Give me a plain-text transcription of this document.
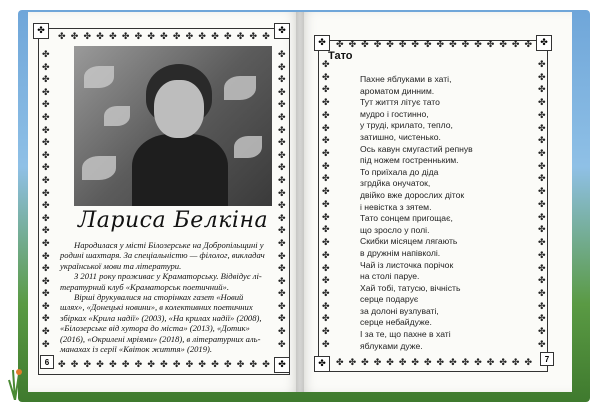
✤ ✤ ✤ ✤ ✤ ✤ ✤ ✤ ✤ ✤ ✤ ✤ ✤ ✤ ✤ ✤ ✤
✤ ✤ ✤ ✤ ✤ ✤ ✤ ✤ ✤ ✤ ✤ ✤ ✤ ✤ ✤ ✤ ✤
✤
✤
✤
✤
✤
✤
✤
✤
✤
✤
✤
✤
✤
✤
✤
✤
✤
✤
✤
✤
✤
✤
✤
✤
✤
✤
✤
✤
✤
✤
✤
✤
✤
✤
✤
✤
✤
✤
✤
✤
✤
✤
✤
✤
✤
✤
✤
✤
✤	✤
✤
Лариса Белкіна

Народилася у місті Білозерське на Добропільщині у

родині шахтаря. За спеціальністю — філолог, викладач
української мови та літератури.

З 2011 року проживає у Краматорську. Відвідує лі-

тературний клуб «Краматорськ поетичний».

Вірші друкувалися на сторінках газет «Новий

шлях», «Донецькі новини», в колективних поетичних
збірках «Крила надії» (2003), «На крилах надії» (2008),
«Білозерське від хутора до міста» (2013), «Дотик»
(2016), «Окрилені мріями» (2018), в літературних аль-
манахах із серії «Квіток життя» (2019).
6
✤ ✤ ✤ ✤ ✤ ✤ ✤ ✤ ✤ ✤ ✤ ✤ ✤ ✤ ✤ ✤
✤ ✤ ✤ ✤ ✤ ✤ ✤ ✤ ✤ ✤ ✤ ✤ ✤ ✤ ✤ ✤
✤
✤
✤
✤
✤
✤
✤
✤
✤
✤
✤
✤
✤
✤
✤
✤
✤
✤
✤
✤
✤
✤
✤
✤
✤
✤
✤
✤
✤
✤
✤
✤
✤
✤
✤
✤
✤
✤
✤
✤
✤
✤
✤
✤
✤
✤
✤	✤
✤
Тато
Пахне яблуками в хаті,
ароматом динним.
Тут життя літує тато
мудро і гостинно,
у труді, крилато, тепло,
затишно, чистенько.
Ось кавун смугастий репнув
під ножем гостренньким.
То приїхала до діда
згрдйка онучаток,
двійко вже дорослих діток
і невістка з зятем.
Тато сонцем пригощає,
що зросло у полі.
Скибки місяцем лягають
в дружнім напівколі.
Чай із листочка порічок
на столі паруе.
Хай тобі, татусю, вічність
серце подарує
за долоні вузлуваті,
серце небайдуже.
І за те, що пахне в хаті
яблуками дуже.
7
